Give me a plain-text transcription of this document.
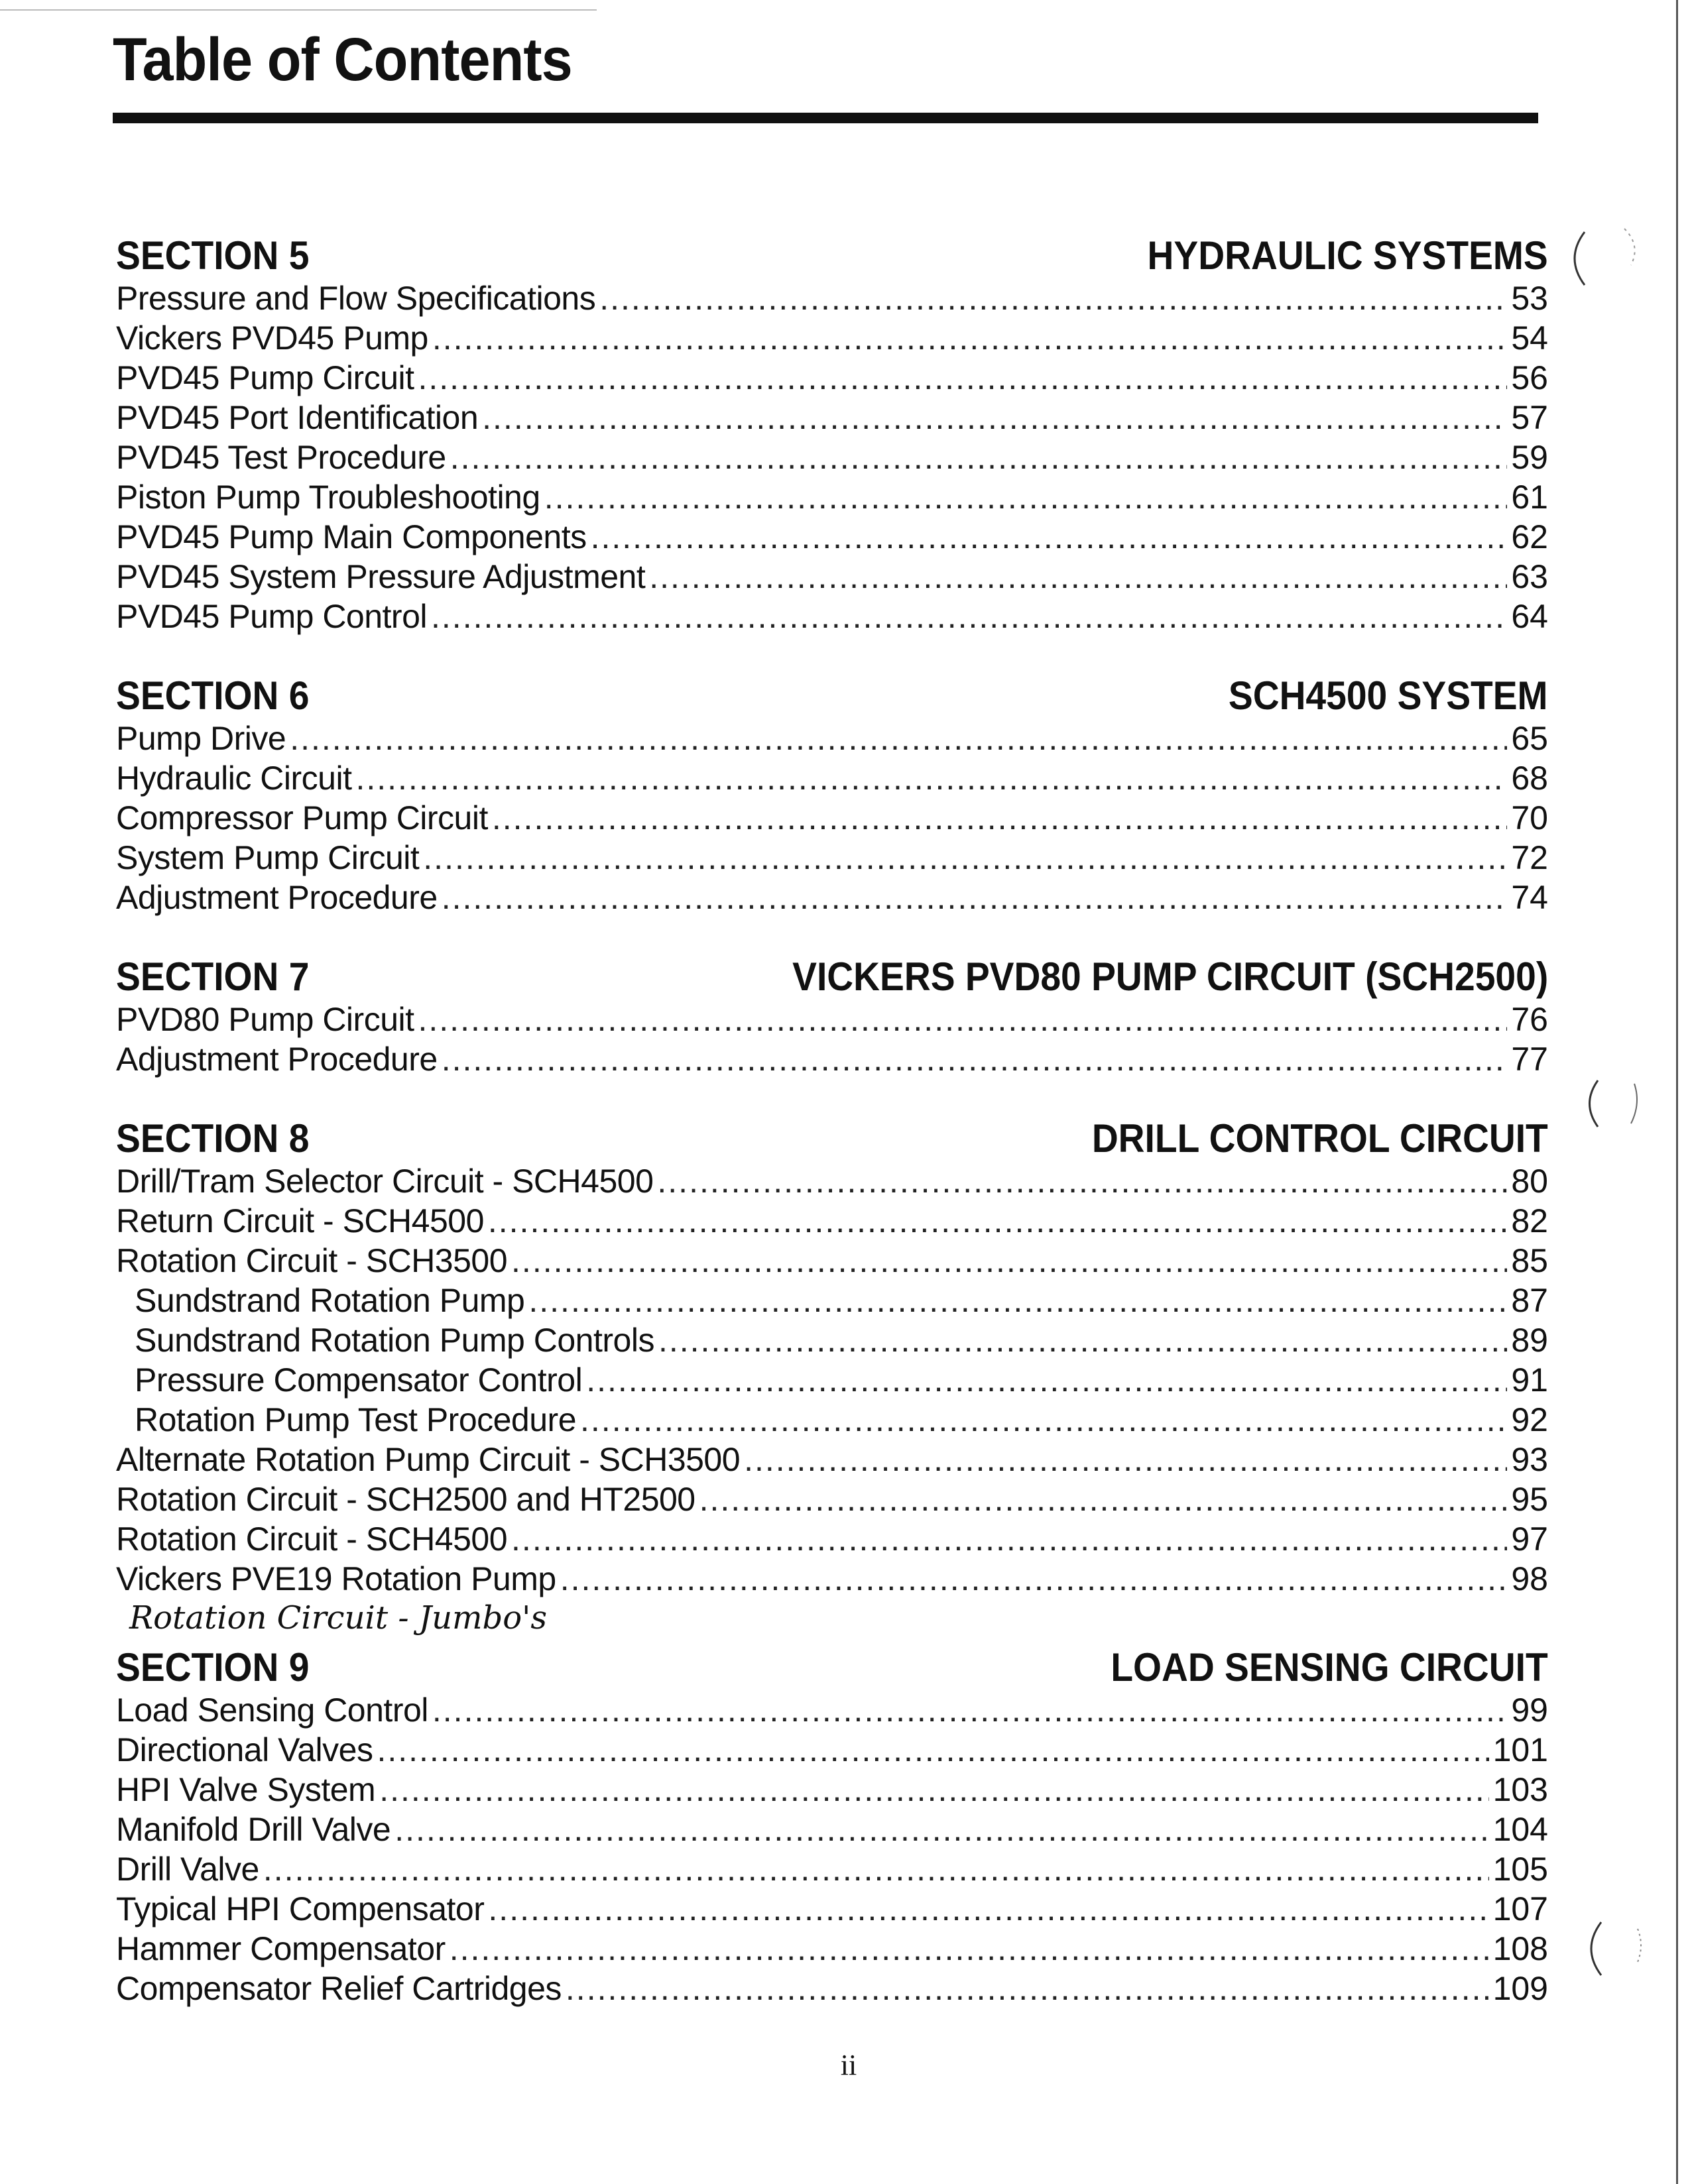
Table of Contents
SECTION 5	HYDRAULIC SYSTEMS
Pressure and Flow Specifications .....	53
Vickers PVD45 Pump .....	54
PVD45 Pump Circuit .....	56
PVD45 Port Identification .....	57
PVD45 Test Procedure .....	59
Piston Pump Troubleshooting .....	61
PVD45 Pump Main Components .....	62
PVD45 System Pressure Adjustment .....	63
PVD45 Pump Control .....	64
SECTION 6	SCH4500 SYSTEM
Pump Drive .....	65
Hydraulic Circuit .....	68
Compressor Pump Circuit .....	70
System Pump Circuit .....	72
Adjustment Procedure .....	74
SECTION 7	VICKERS PVD80 PUMP CIRCUIT (SCH2500)
PVD80 Pump Circuit .....	76
Adjustment Procedure .....	77
SECTION 8	DRILL CONTROL CIRCUIT
Drill/Tram Selector Circuit - SCH4500 .....	80
Return Circuit - SCH4500 .....	82
Rotation Circuit - SCH3500 .....	85
Sundstrand Rotation Pump .....	87
Sundstrand Rotation Pump Controls .....	89
Pressure Compensator Control .....	91
Rotation Pump Test Procedure .....	92
Alternate Rotation Pump Circuit - SCH3500 .....	93
Rotation Circuit - SCH2500 and HT2500 .....	95
Rotation Circuit - SCH4500 .....	97
Vickers PVE19 Rotation Pump .....	98
Rotation Circuit - Jumbo's
SECTION 9	LOAD SENSING CIRCUIT
Load Sensing Control .....	99
Directional Valves .....	101
HPI Valve System .....	103
Manifold Drill Valve .....	104
Drill Valve .....	105
Typical HPI Compensator .....	107
Hammer Compensator .....	108
Compensator Relief Cartridges .....	109
ii
